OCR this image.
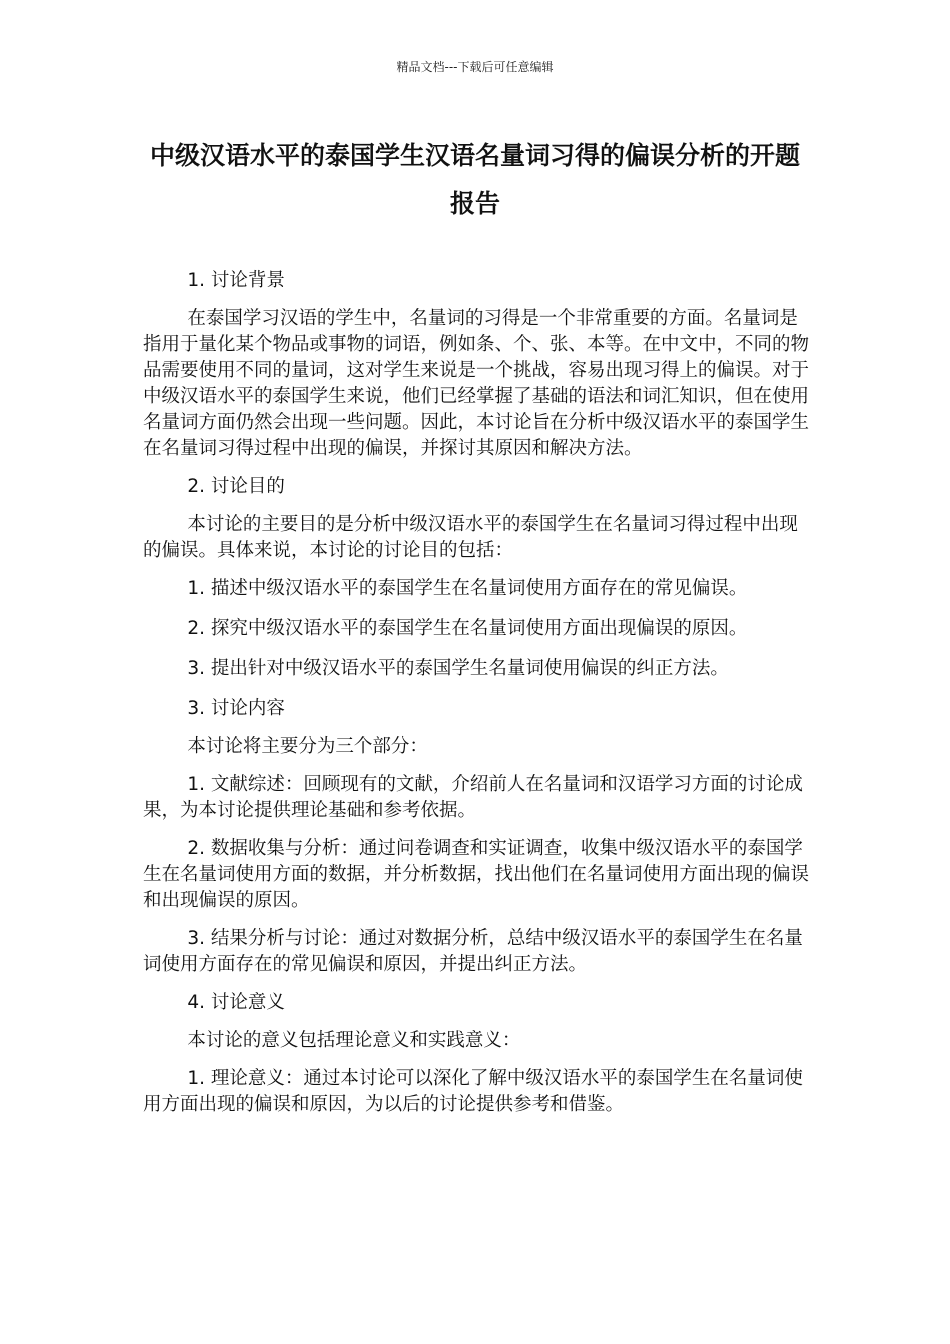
精品文档---下载后可任意编辑
中级汉语水平的泰国学生汉语名量词习得的偏误分析的开题报告
1. 讨论背景
在泰国学习汉语的学生中，名量词的习得是一个非常重要的方面。名量词是指用于量化某个物品或事物的词语，例如条、个、张、本等。在中文中，不同的物品需要使用不同的量词，这对学生来说是一个挑战，容易出现习得上的偏误。对于中级汉语水平的泰国学生来说，他们已经掌握了基础的语法和词汇知识，但在使用名量词方面仍然会出现一些问题。因此，本讨论旨在分析中级汉语水平的泰国学生在名量词习得过程中出现的偏误，并探讨其原因和解决方法。
2. 讨论目的
本讨论的主要目的是分析中级汉语水平的泰国学生在名量词习得过程中出现的偏误。具体来说，本讨论的讨论目的包括：
1. 描述中级汉语水平的泰国学生在名量词使用方面存在的常见偏误。
2. 探究中级汉语水平的泰国学生在名量词使用方面出现偏误的原因。
3. 提出针对中级汉语水平的泰国学生名量词使用偏误的纠正方法。
3. 讨论内容
本讨论将主要分为三个部分：
1. 文献综述：回顾现有的文献，介绍前人在名量词和汉语学习方面的讨论成果，为本讨论提供理论基础和参考依据。
2. 数据收集与分析：通过问卷调查和实证调查，收集中级汉语水平的泰国学生在名量词使用方面的数据，并分析数据，找出他们在名量词使用方面出现的偏误和出现偏误的原因。
3. 结果分析与讨论：通过对数据分析，总结中级汉语水平的泰国学生在名量词使用方面存在的常见偏误和原因，并提出纠正方法。
4. 讨论意义
本讨论的意义包括理论意义和实践意义：
1. 理论意义：通过本讨论可以深化了解中级汉语水平的泰国学生在名量词使用方面出现的偏误和原因，为以后的讨论提供参考和借鉴。
